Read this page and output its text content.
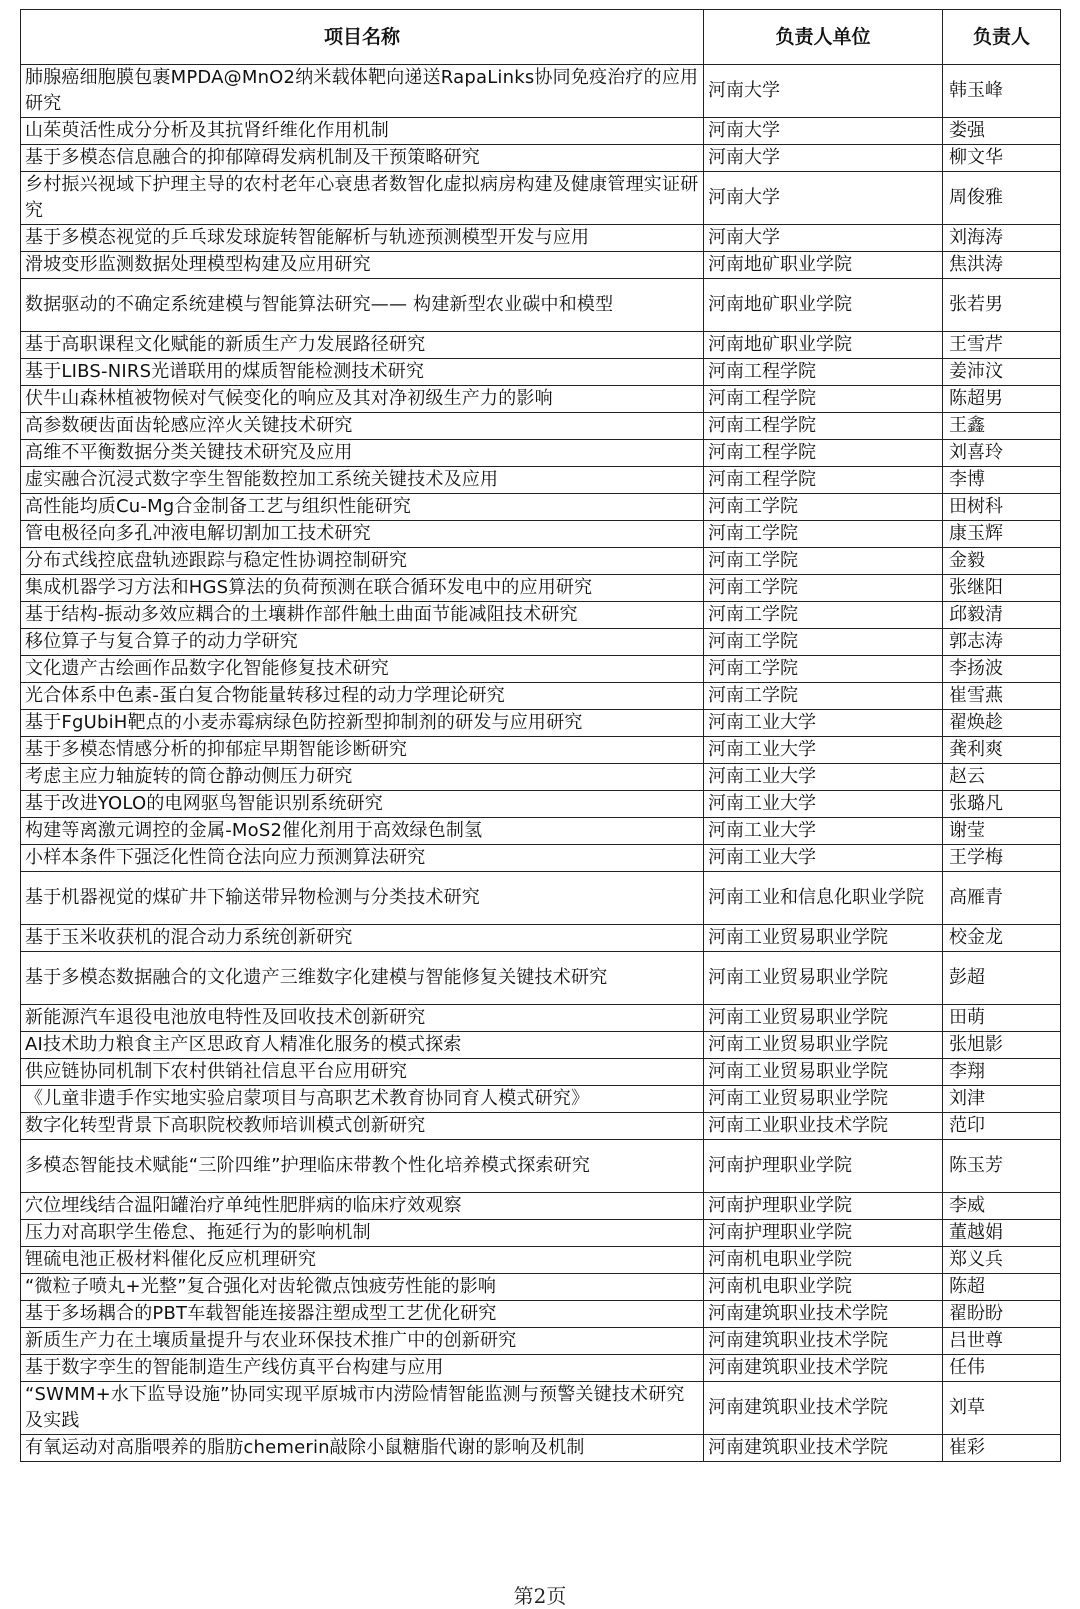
项目名称	负责人单位	负责人
肺腺癌细胞膜包裹MPDA@MnO2纳米载体靶向递送RapaLinks协同免疫治疗的应用研究	河南大学	韩玉峰
山茱萸活性成分分析及其抗肾纤维化作用机制	河南大学	娄强
基于多模态信息融合的抑郁障碍发病机制及干预策略研究	河南大学	柳文华
乡村振兴视域下护理主导的农村老年心衰患者数智化虚拟病房构建及健康管理实证研究	河南大学	周俊雅
基于多模态视觉的乒乓球发球旋转智能解析与轨迹预测模型开发与应用	河南大学	刘海涛
滑坡变形监测数据处理模型构建及应用研究	河南地矿职业学院	焦洪涛
数据驱动的不确定系统建模与智能算法研究—— 构建新型农业碳中和模型	河南地矿职业学院	张若男
基于高职课程文化赋能的新质生产力发展路径研究	河南地矿职业学院	王雪芹
基于LIBS-NIRS光谱联用的煤质智能检测技术研究	河南工程学院	姜沛汶
伏牛山森林植被物候对气候变化的响应及其对净初级生产力的影响	河南工程学院	陈超男
高参数硬齿面齿轮感应淬火关键技术研究	河南工程学院	王鑫
高维不平衡数据分类关键技术研究及应用	河南工程学院	刘喜玲
虚实融合沉浸式数字孪生智能数控加工系统关键技术及应用	河南工程学院	李博
高性能均质Cu-Mg合金制备工艺与组织性能研究	河南工学院	田树科
管电极径向多孔冲液电解切割加工技术研究	河南工学院	康玉辉
分布式线控底盘轨迹跟踪与稳定性协调控制研究	河南工学院	金毅
集成机器学习方法和HGS算法的负荷预测在联合循环发电中的应用研究	河南工学院	张继阳
基于结构-振动多效应耦合的土壤耕作部件触土曲面节能减阻技术研究	河南工学院	邱毅清
移位算子与复合算子的动力学研究	河南工学院	郭志涛
文化遗产古绘画作品数字化智能修复技术研究	河南工学院	李扬波
光合体系中色素-蛋白复合物能量转移过程的动力学理论研究	河南工学院	崔雪燕
基于FgUbiH靶点的小麦赤霉病绿色防控新型抑制剂的研发与应用研究	河南工业大学	翟焕趁
基于多模态情感分析的抑郁症早期智能诊断研究	河南工业大学	龚利爽
考虑主应力轴旋转的筒仓静动侧压力研究	河南工业大学	赵云
基于改进YOLO的电网驱鸟智能识别系统研究	河南工业大学	张璐凡
构建等离激元调控的金属-MoS2催化剂用于高效绿色制氢	河南工业大学	谢莹
小样本条件下强泛化性筒仓法向应力预测算法研究	河南工业大学	王学梅
基于机器视觉的煤矿井下输送带异物检测与分类技术研究	河南工业和信息化职业学院	高雁青
基于玉米收获机的混合动力系统创新研究	河南工业贸易职业学院	校金龙
基于多模态数据融合的文化遗产三维数字化建模与智能修复关键技术研究	河南工业贸易职业学院	彭超
新能源汽车退役电池放电特性及回收技术创新研究	河南工业贸易职业学院	田萌
AI技术助力粮食主产区思政育人精准化服务的模式探索	河南工业贸易职业学院	张旭影
供应链协同机制下农村供销社信息平台应用研究	河南工业贸易职业学院	李翔
《儿童非遗手作实地实验启蒙项目与高职艺术教育协同育人模式研究》	河南工业贸易职业学院	刘津
数字化转型背景下高职院校教师培训模式创新研究	河南工业职业技术学院	范印
多模态智能技术赋能“三阶四维”护理临床带教个性化培养模式探索研究	河南护理职业学院	陈玉芳
穴位埋线结合温阳罐治疗单纯性肥胖病的临床疗效观察	河南护理职业学院	李威
压力对高职学生倦怠、拖延行为的影响机制	河南护理职业学院	董越娟
锂硫电池正极材料催化反应机理研究	河南机电职业学院	郑义兵
“微粒子喷丸+光整”复合强化对齿轮微点蚀疲劳性能的影响	河南机电职业学院	陈超
基于多场耦合的PBT车载智能连接器注塑成型工艺优化研究	河南建筑职业技术学院	翟盼盼
新质生产力在土壤质量提升与农业环保技术推广中的创新研究	河南建筑职业技术学院	吕世尊
基于数字孪生的智能制造生产线仿真平台构建与应用	河南建筑职业技术学院	任伟
“SWMM+水下监导设施”协同实现平原城市内涝险情智能监测与预警关键技术研究及实践	河南建筑职业技术学院	刘草
有氧运动对高脂喂养的脂肪chemerin敲除小鼠糖脂代谢的影响及机制	河南建筑职业技术学院	崔彩
第2页
